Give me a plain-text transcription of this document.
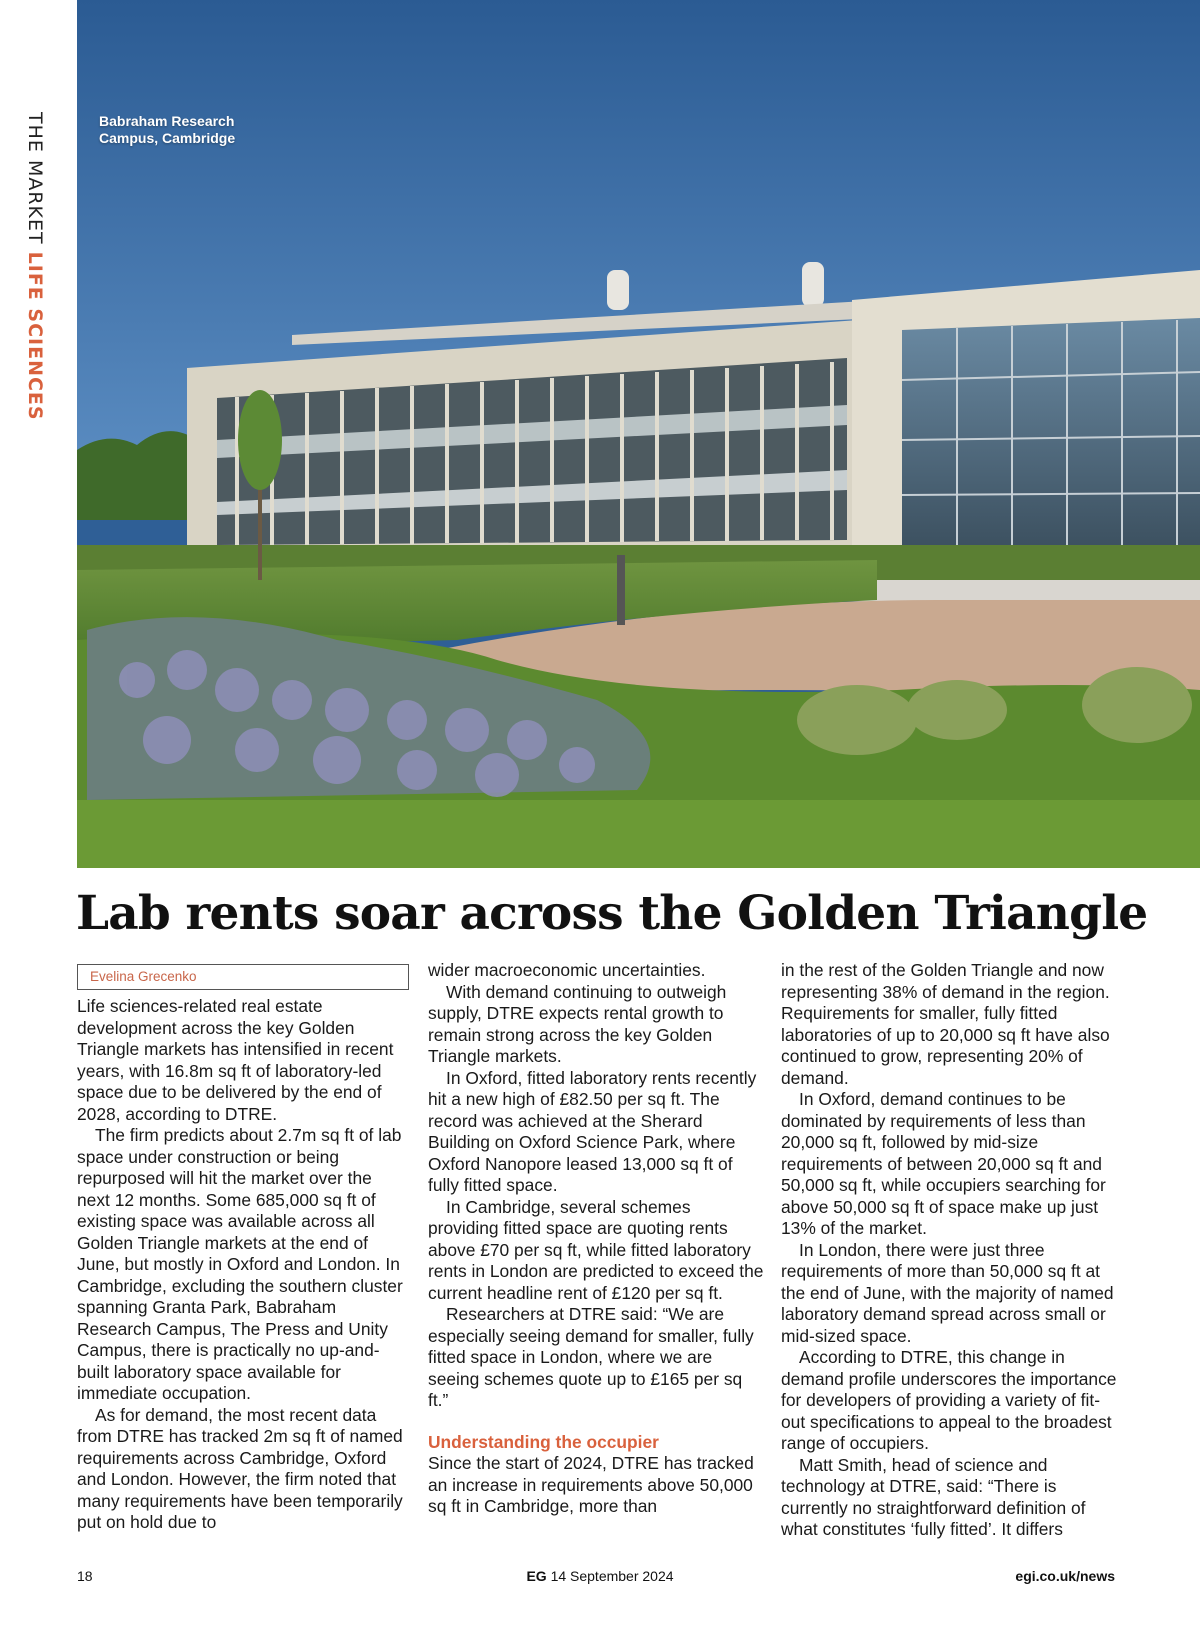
THE MARKET LIFE SCIENCES
Babraham Research
Campus, Cambridge
Lab rents soar across the Golden Triangle
Evelina Grecenko

Life sciences-related real estate development across the key Golden Triangle markets has intensified in recent years, with 16.8m sq ft of laboratory-led space due to be delivered by the end of 2028, according to DTRE.

The firm predicts about 2.7m sq ft of lab space under construction or being repurposed will hit the market over the next 12 months. Some 685,000 sq ft of existing space was available across all Golden Triangle markets at the end of June, but mostly in Oxford and London. In Cambridge, excluding the southern cluster spanning Granta Park, Babraham Research Campus, The Press and Unity Campus, there is practically no up-and-built laboratory space available for immediate occupation.

As for demand, the most recent data from DTRE has tracked 2m sq ft of named requirements across Cambridge, Oxford and London. However, the firm noted that many requirements have been temporarily put on hold due to

wider macroeconomic uncertainties.

With demand continuing to outweigh supply, DTRE expects rental growth to remain strong across the key Golden Triangle markets.

In Oxford, fitted laboratory rents recently hit a new high of £82.50 per sq ft. The record was achieved at the Sherard Building on Oxford Science Park, where Oxford Nanopore leased 13,000 sq ft of fully fitted space.

In Cambridge, several schemes providing fitted space are quoting rents above £70 per sq ft, while fitted laboratory rents in London are predicted to exceed the current headline rent of £120 per sq ft.

Researchers at DTRE said: “We are especially seeing demand for smaller, fully fitted space in London, where we are seeing schemes quote up to £165 per sq ft.”

Understanding the occupier

Since the start of 2024, DTRE has tracked an increase in requirements above 50,000 sq ft in Cambridge, more than

in the rest of the Golden Triangle and now representing 38% of demand in the region. Requirements for smaller, fully fitted laboratories of up to 20,000 sq ft have also continued to grow, representing 20% of demand.

In Oxford, demand continues to be dominated by requirements of less than 20,000 sq ft, followed by mid-size requirements of between 20,000 sq ft and 50,000 sq ft, while occupiers searching for above 50,000 sq ft of space make up just 13% of the market.

In London, there were just three requirements of more than 50,000 sq ft at the end of June, with the majority of named laboratory demand spread across small or mid-sized space.

According to DTRE, this change in demand profile underscores the importance for developers of providing a variety of fit-out specifications to appeal to the broadest range of occupiers.

Matt Smith, head of science and technology at DTRE, said: “There is currently no straightforward definition of what constitutes ‘fully fitted’. It differs

18	EG 14 September 2024	egi.co.uk/news
